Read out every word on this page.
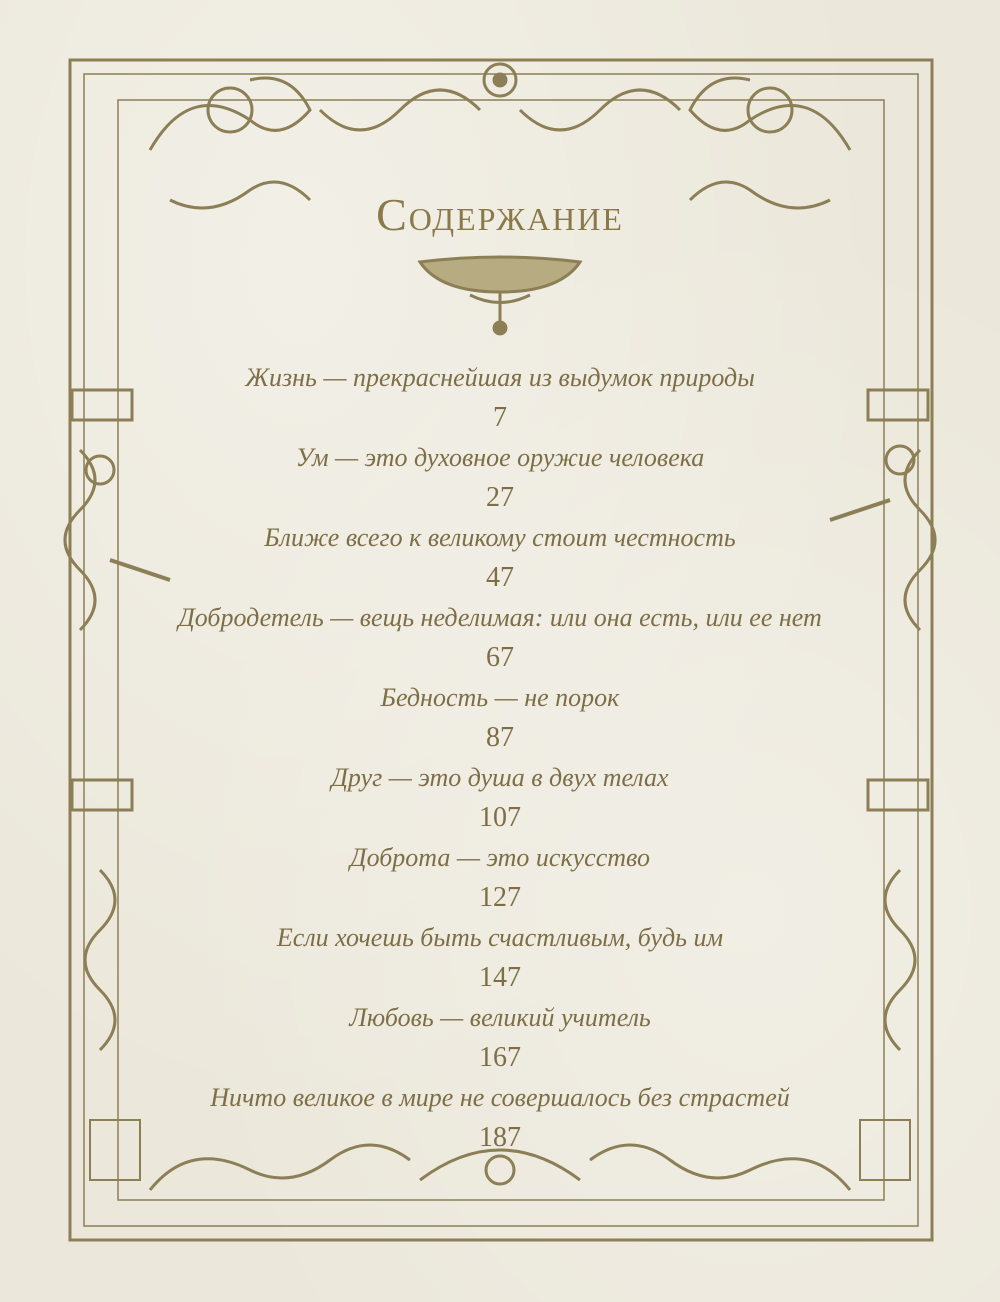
Содержание
Жизнь — прекраснейшая из выдумок природы
7
Ум — это духовное оружие человека
27
Ближе всего к великому стоит честность
47
Добродетель — вещь неделимая: или она есть, или ее нет
67
Бедность — не порок
87
Друг — это душа в двух телах
107
Доброта — это искусство
127
Если хочешь быть счастливым, будь им
147
Любовь — великий учитель
167
Ничто великое в мире не совершалось без страстей
187
